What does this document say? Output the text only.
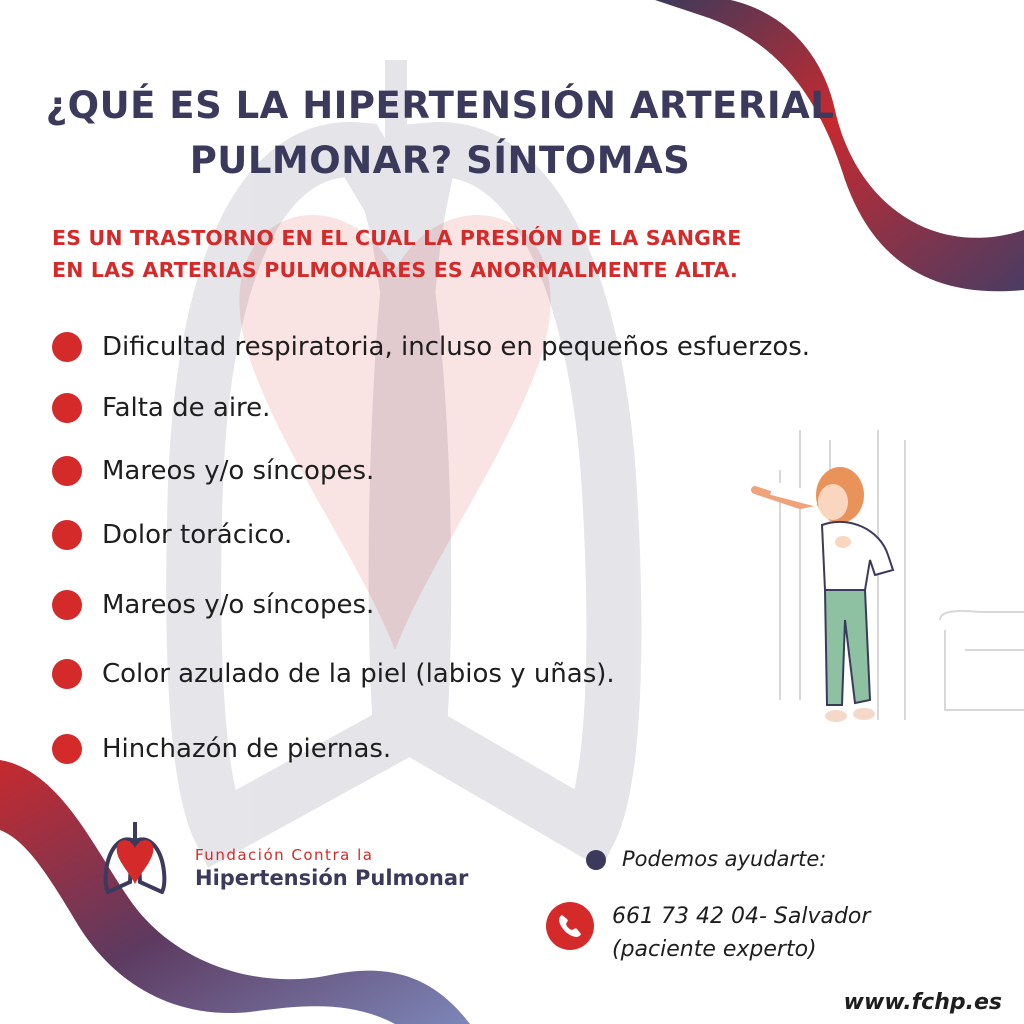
¿QUÉ ES LA HIPERTENSIÓN ARTERIAL
PULMONAR? SÍNTOMAS
ES UN TRASTORNO EN EL CUAL LA PRESIÓN DE LA SANGRE
EN LAS ARTERIAS PULMONARES ES ANORMALMENTE ALTA.
Dificultad respiratoria, incluso en pequeños esfuerzos.
Falta de aire.
Mareos y/o síncopes.
Dolor torácico.
Mareos y/o síncopes.
Color azulado de la piel (labios y uñas).
Hinchazón de piernas.
Fundación Contra la
Hipertensión Pulmonar
Podemos ayudarte:
661 73 42 04- Salvador
(paciente experto)
www.fchp.es
